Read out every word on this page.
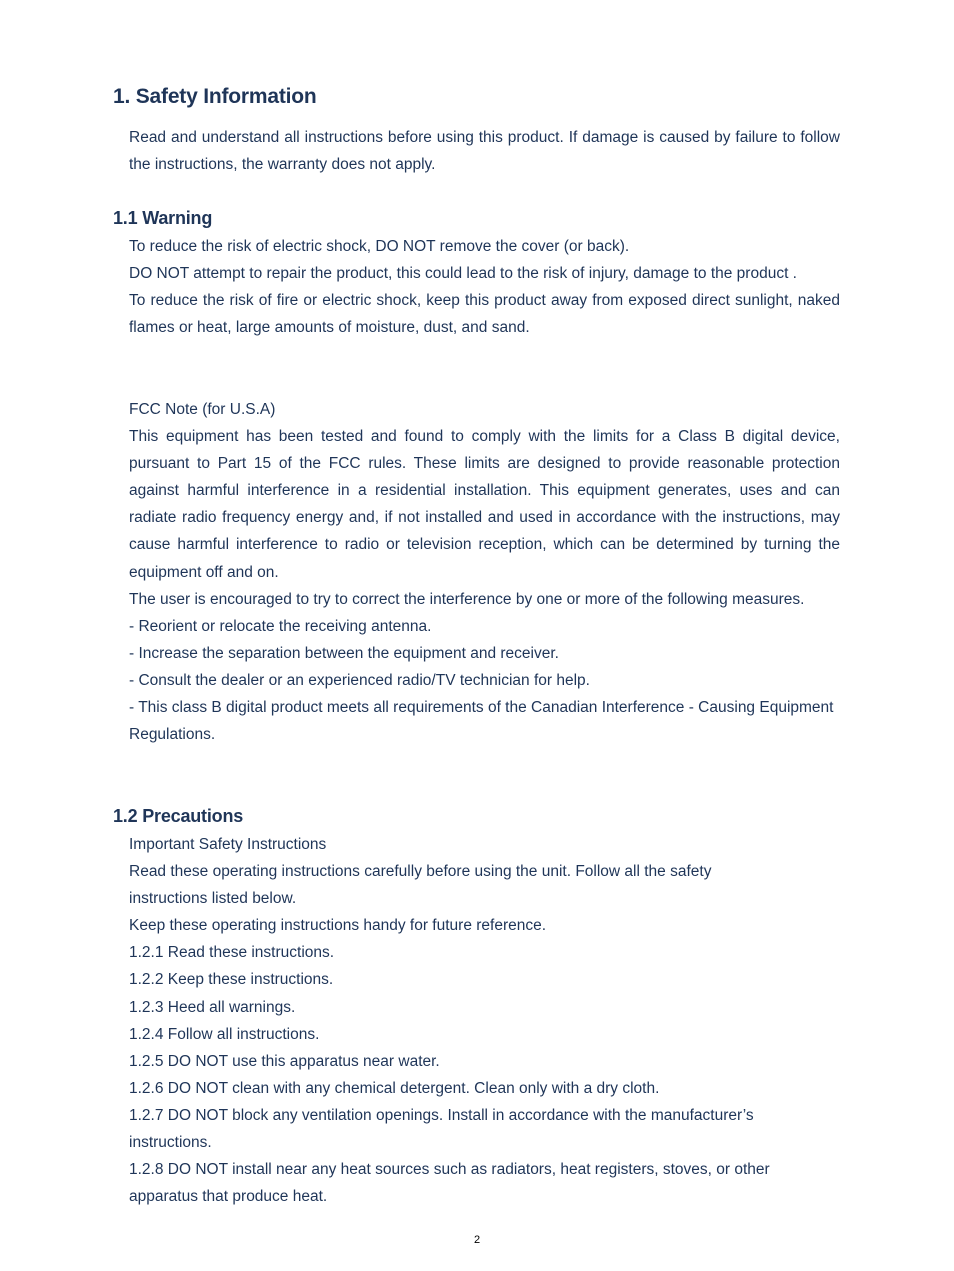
1. Safety Information

Read and understand all instructions before using this product. If damage is caused by failure to follow the instructions, the warranty does not apply.

1.1 Warning

To reduce the risk of electric shock, DO NOT remove the cover (or back).

DO NOT attempt to repair the product, this could lead to the risk of injury, damage to the product .

To reduce the risk of fire or electric shock, keep this product away from exposed direct sunlight, naked flames or heat, large amounts of moisture, dust, and sand.

FCC Note (for U.S.A)

This equipment has been tested and found to comply with the limits for a Class B digital device, pursuant to Part 15 of the FCC rules. These limits are designed to provide reasonable protection against harmful interference in a residential installation. This equipment generates, uses and can radiate radio frequency energy and, if not installed and used in accordance with the instructions, may cause harmful interference to radio or television reception, which can be determined by turning the equipment off and on.

The user is encouraged to try to correct the interference by one or more of the following measures.

- Reorient or relocate the receiving antenna.

- Increase the separation between the equipment and receiver.

- Consult the dealer or an experienced radio/TV technician for help.

- This class B digital product meets all requirements of the Canadian Interference - Causing Equipment Regulations.

1.2 Precautions

Important Safety Instructions

Read these operating instructions carefully before using the unit. Follow all the safety instructions listed below.

Keep these operating instructions handy for future reference.

1.2.1 Read these instructions.

1.2.2 Keep these instructions.

1.2.3 Heed all warnings.

1.2.4 Follow all instructions.

1.2.5 DO NOT use this apparatus near water.

1.2.6 DO NOT clean with any chemical detergent. Clean only with a dry cloth.

1.2.7 DO NOT block any ventilation openings. Install in accordance with the manufacturer’s instructions.

1.2.8 DO NOT install near any heat sources such as radiators, heat registers, stoves, or other apparatus that produce heat.

2
